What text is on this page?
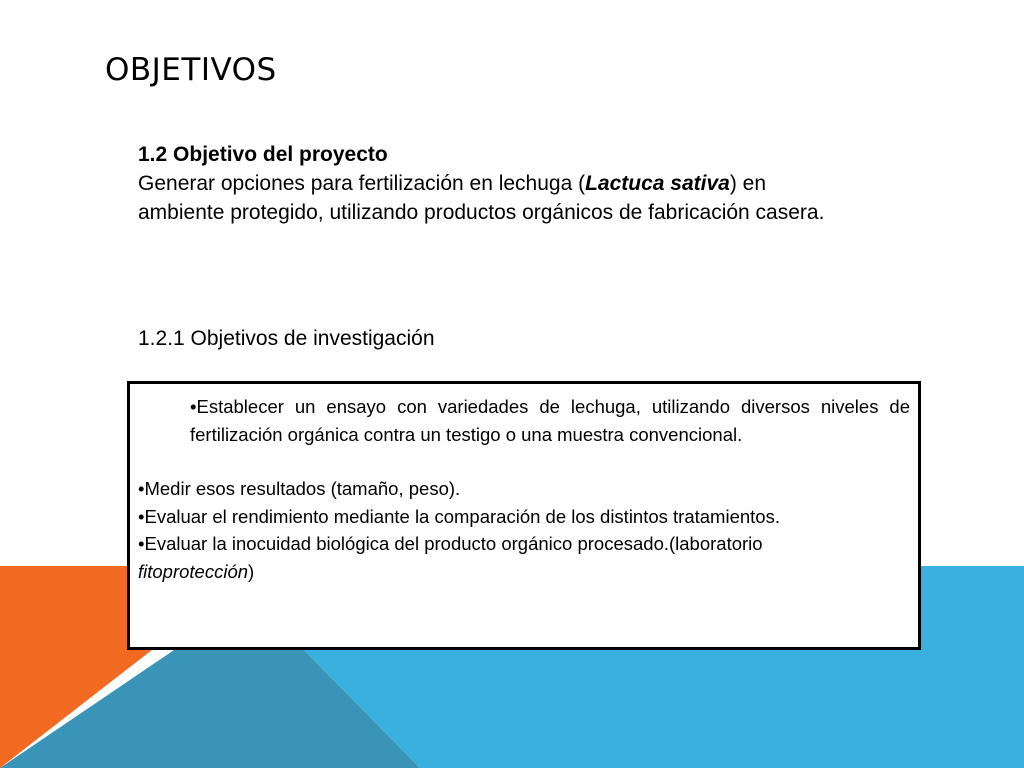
OBJETIVOS
1.2 Objetivo del proyecto
Generar opciones para fertilización en lechuga (Lactuca sativa) en ambiente protegido, utilizando productos orgánicos de fabricación casera.
1.2.1 Objetivos de investigación
•Establecer un ensayo con variedades de lechuga, utilizando diversos niveles de fertilización orgánica contra un testigo o una muestra convencional.

•Medir esos resultados (tamaño, peso).

•Evaluar el rendimiento mediante la comparación de los distintos tratamientos.

•Evaluar la inocuidad biológica del producto orgánico procesado.(laboratorio fitoprotección)
